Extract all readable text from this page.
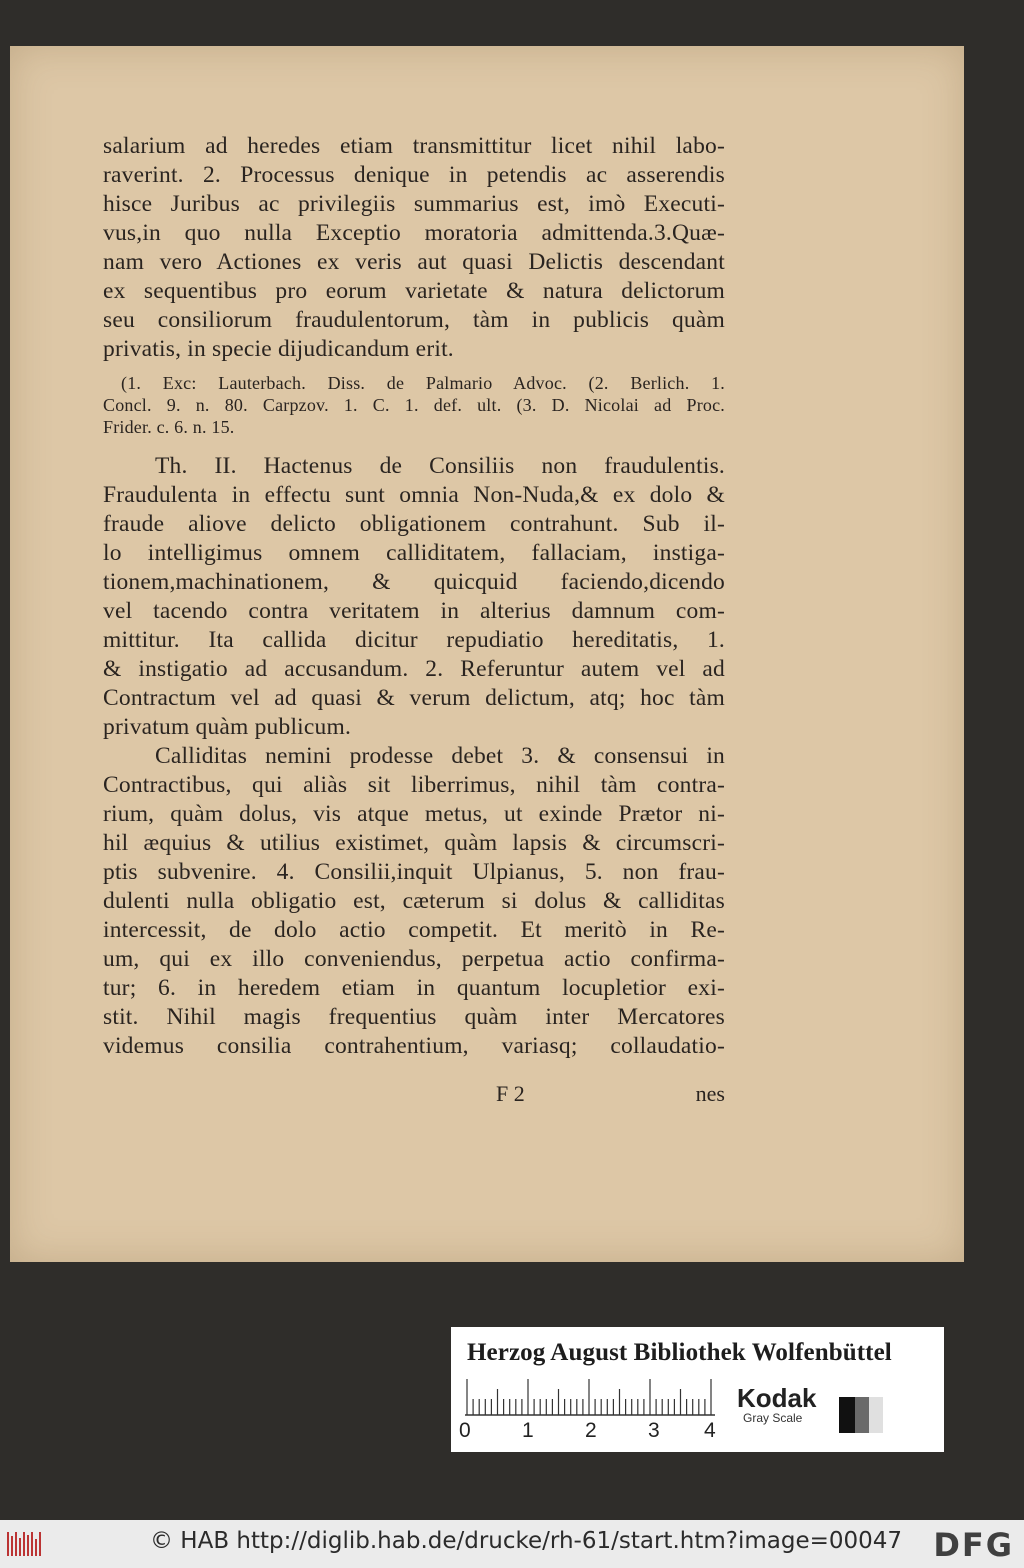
salarium ad heredes etiam transmittitur licet nihil labo-
raverint. 2. Processus denique in petendis ac asserendis
hisce Juribus ac privilegiis summarius est, imò Executi-
vus,in quo nulla Exceptio moratoria admittenda.3.Quæ-
nam vero Actiones ex veris aut quasi Delictis descendant
ex sequentibus pro eorum varietate & natura delictorum
seu consiliorum fraudulentorum, tàm in publicis quàm
privatis, in specie dijudicandum erit.
(1. Exc: Lauterbach. Diss. de Palmario Advoc. (2. Berlich. 1.
Concl. 9. n. 80. Carpzov. 1. C. 1. def. ult. (3. D. Nicolai ad Proc.
Frider. c. 6. n. 15.
Th. II. Hactenus de Consiliis non fraudulentis.
Fraudulenta in effectu sunt omnia Non-Nuda,& ex dolo &
fraude aliove delicto obligationem contrahunt. Sub il-
lo intelligimus omnem calliditatem, fallaciam, instiga-
tionem,machinationem, & quicquid faciendo,dicendo
vel tacendo contra veritatem in alterius damnum com-
mittitur. Ita callida dicitur repudiatio hereditatis, 1.
& instigatio ad accusandum. 2. Referuntur autem vel ad
Contractum vel ad quasi & verum delictum, atq; hoc tàm
privatum quàm publicum.
Calliditas nemini prodesse debet 3. & consensui in
Contractibus, qui aliàs sit liberrimus, nihil tàm contra-
rium, quàm dolus, vis atque metus, ut exinde Prætor ni-
hil æquius & utilius existimet, quàm lapsis & circumscri-
ptis subvenire. 4. Consilii,inquit Ulpianus, 5. non frau-
dulenti nulla obligatio est, cæterum si dolus & calliditas
intercessit, de dolo actio competit. Et meritò in Re-
um, qui ex illo conveniendus, perpetua actio confirma-
tur; 6. in heredem etiam in quantum locupletior exi-
stit. Nihil magis frequentius quàm inter Mercatores
videmus consilia contrahentium, variasq; collaudatio-
F 2	nes
Herzog August Bibliothek Wolfenbüttel
0 1 2 3 4
Kodak
Gray Scale
© HAB http://diglib.hab.de/drucke/rh-61/start.htm?image=00047 DFG
